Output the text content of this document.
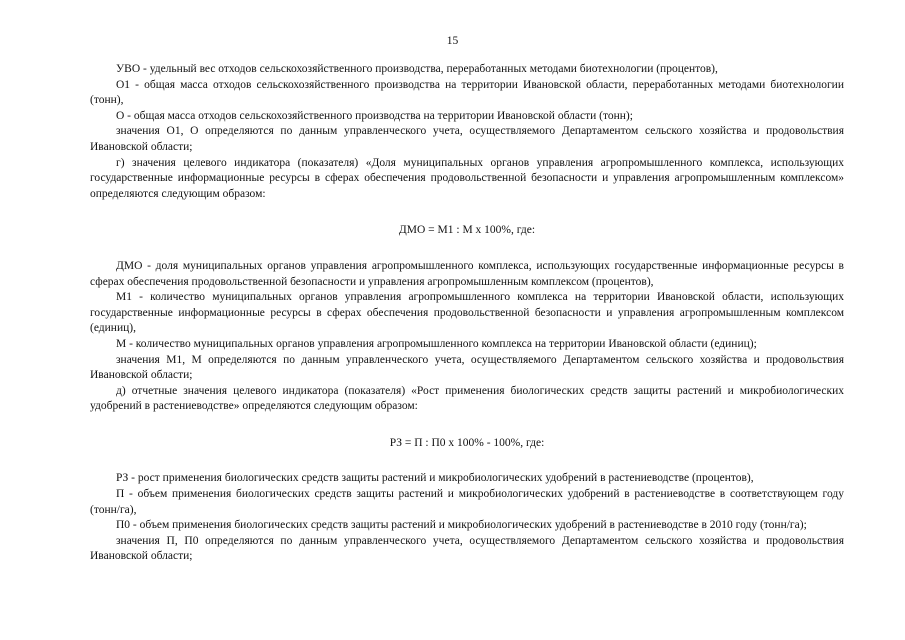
15

УВО - удельный вес отходов сельскохозяйственного производства, переработанных методами биотехнологии (процентов),

О1 - общая масса отходов сельскохозяйственного производства на территории Ивановской области, переработанных методами биотехнологии (тонн),

О - общая масса отходов сельскохозяйственного производства на территории Ивановской области (тонн);

значения О1, О определяются по данным управленческого учета, осуществляемого Департаментом сельского хозяйства и продовольствия Ивановской области;

г) значения целевого индикатора (показателя) «Доля муниципальных органов управления агропромышленного комплекса, использующих государственные информационные ресурсы в сферах обеспечения продовольственной безопасности и управления агропромышленным комплексом» определяются следующим образом:

ДМО = М1 : М х 100%, где:

ДМО - доля муниципальных органов управления агропромышленного комплекса, использующих государственные информационные ресурсы в сферах обеспечения продовольственной безопасности и управления агропромышленным комплексом (процентов),

М1 - количество муниципальных органов управления агропромышленного комплекса на территории Ивановской области, использующих государственные информационные ресурсы в сферах обеспечения продовольственной безопасности и управления агропромышленным комплексом (единиц),

М - количество муниципальных органов управления агропромышленного комплекса на территории Ивановской области (единиц);

значения М1, М определяются по данным управленческого учета, осуществляемого Департаментом сельского хозяйства и продовольствия Ивановской области;

д) отчетные значения целевого индикатора (показателя) «Рост применения биологических средств защиты растений и микробиологических удобрений в растениеводстве» определяются следующим образом:

РЗ = П : П0 х 100% - 100%, где:

РЗ - рост применения биологических средств защиты растений и микробиологических удобрений в растениеводстве (процентов),

П - объем применения биологических средств защиты растений и микробиологических удобрений в растениеводстве в соответствующем году (тонн/га),

П0 - объем применения биологических средств защиты растений и микробиологических удобрений в растениеводстве в 2010 году (тонн/га);

значения П, П0 определяются по данным управленческого учета, осуществляемого Департаментом сельского хозяйства и продовольствия Ивановской области;
